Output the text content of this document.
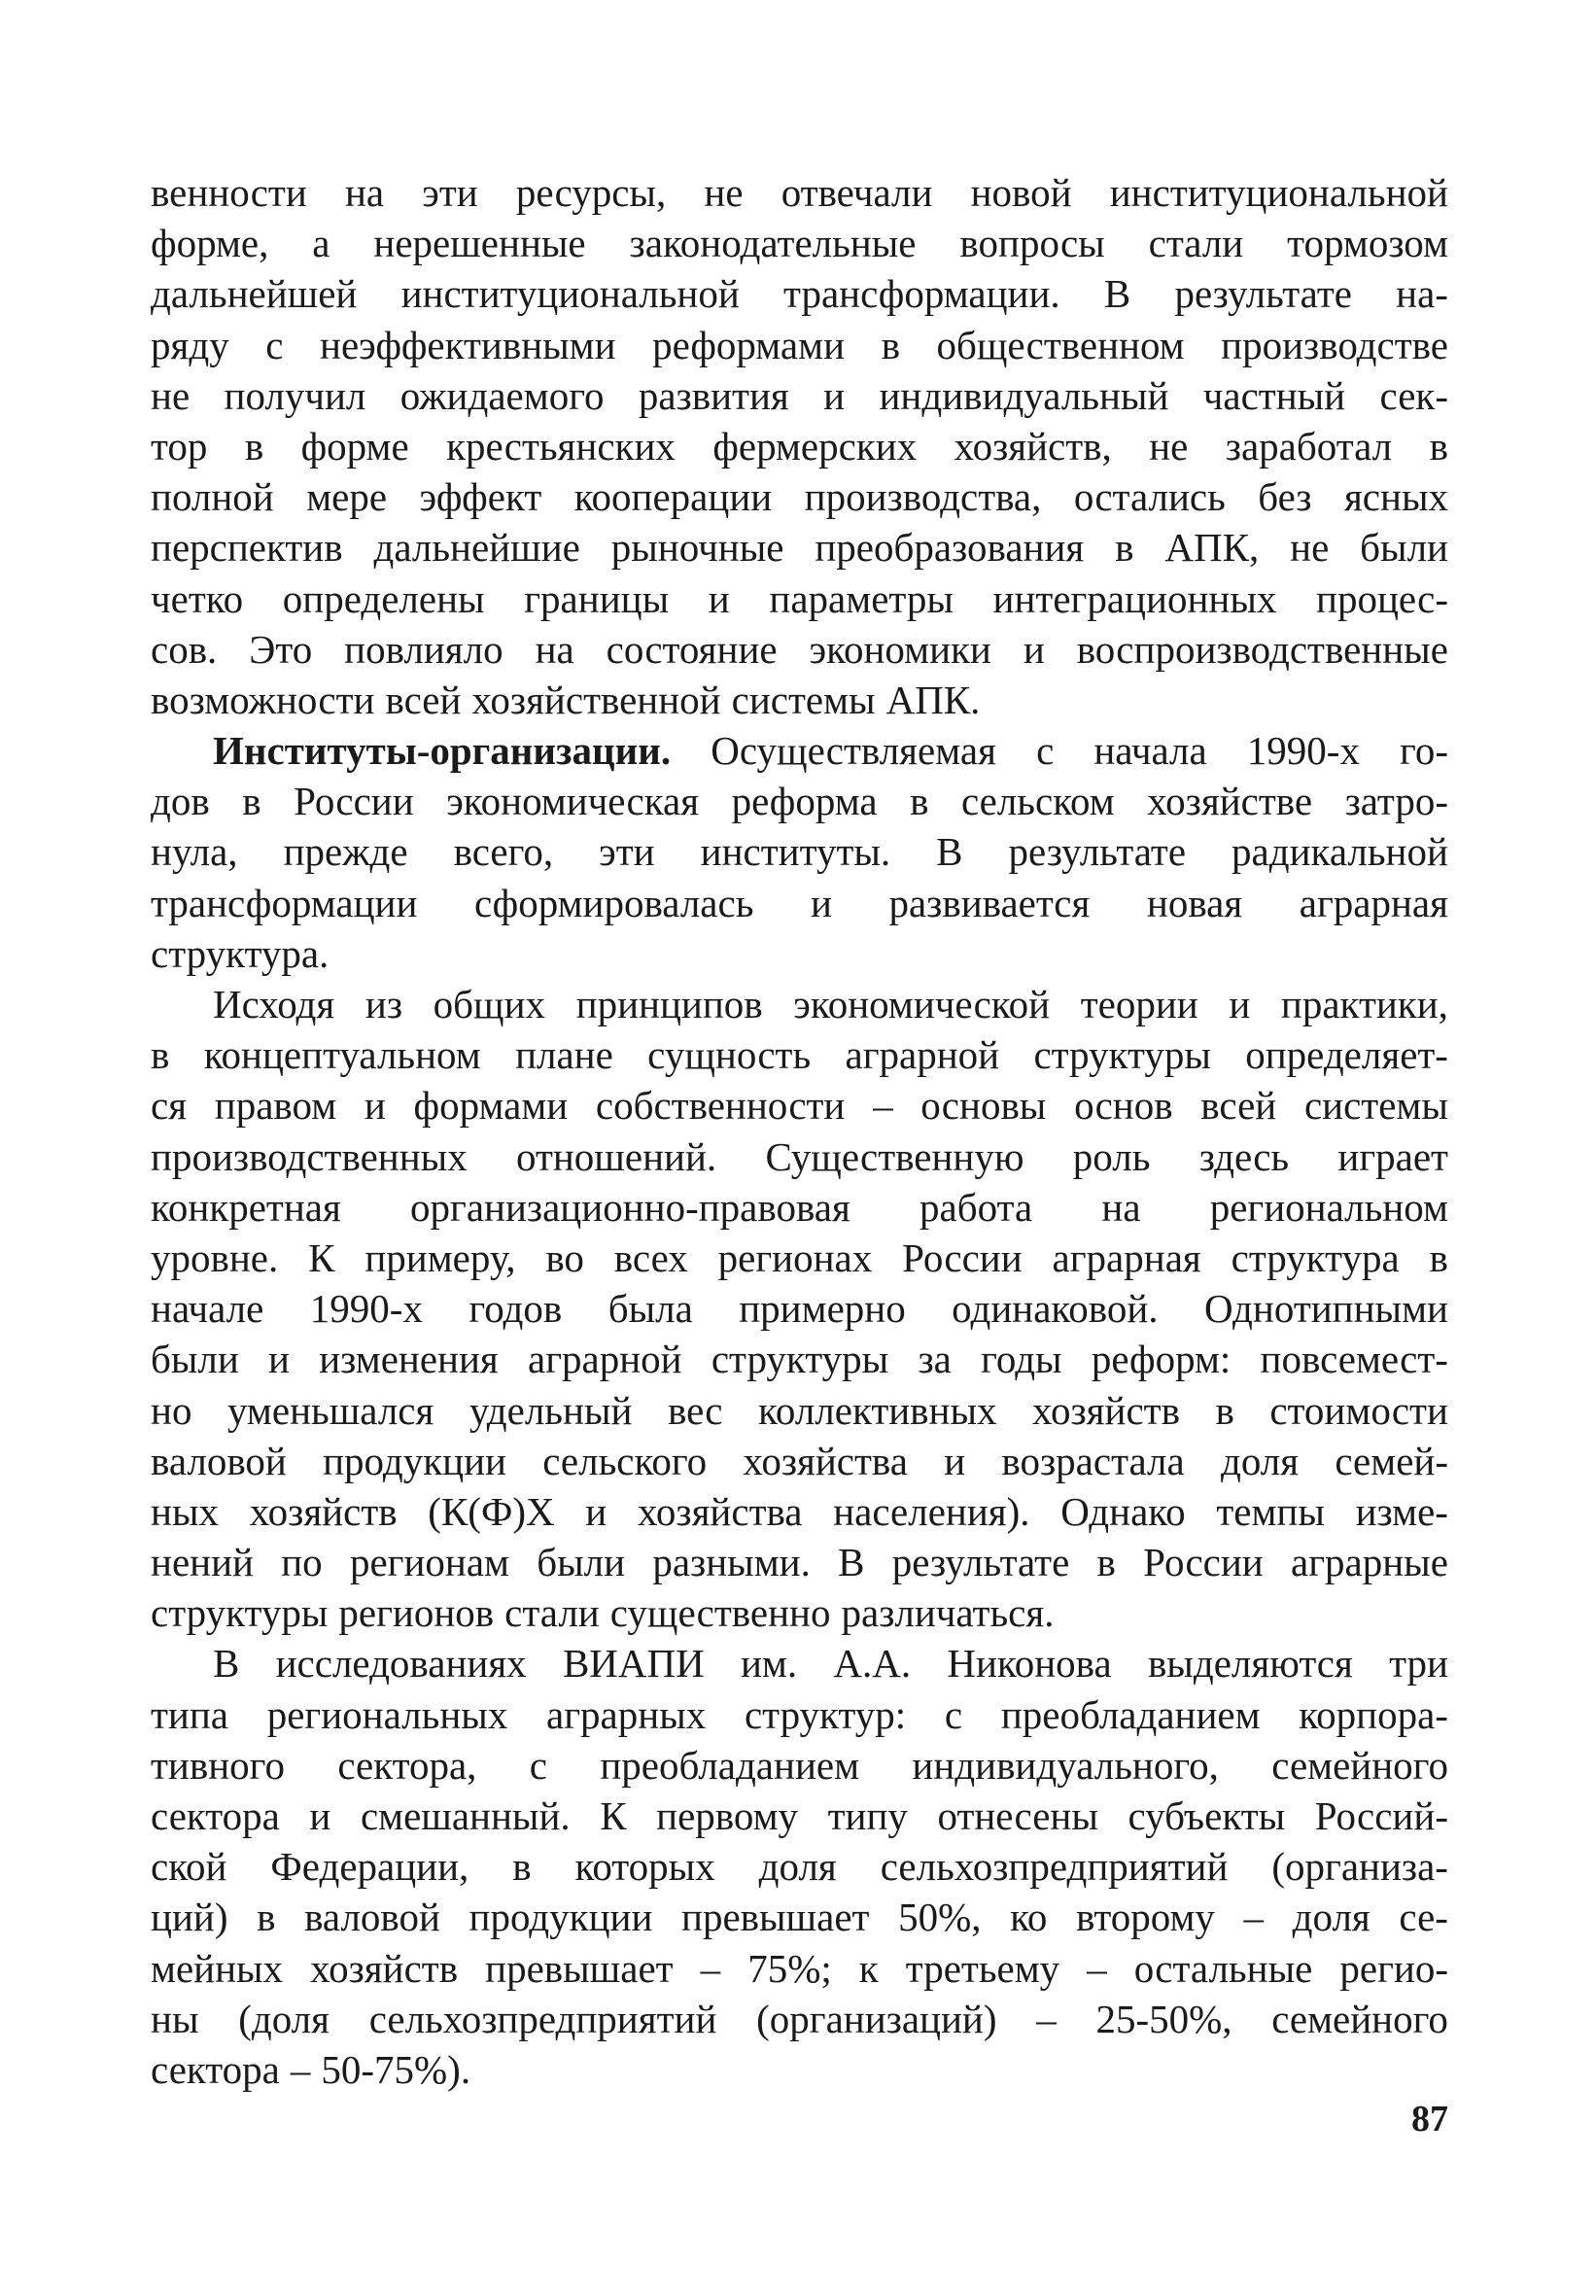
венности на эти ресурсы, не отвечали новой институциональной
форме, а нерешенные законодательные вопросы стали тормозом
дальнейшей институциональной трансформации. В результате на-
ряду с неэффективными реформами в общественном производстве
не получил ожидаемого развития и индивидуальный частный сек-
тор в форме крестьянских фермерских хозяйств, не заработал в
полной мере эффект кооперации производства, остались без ясных
перспектив дальнейшие рыночные преобразования в АПК, не были
четко определены границы и параметры интеграционных процес-
сов. Это повлияло на состояние экономики и воспроизводственные
возможности всей хозяйственной системы АПК.
Институты-организации. Осуществляемая с начала 1990-х го-
дов в России экономическая реформа в сельском хозяйстве затро-
нула, прежде всего, эти институты. В результате радикальной
трансформации сформировалась и развивается новая аграрная
структура.
Исходя из общих принципов экономической теории и практики,
в концептуальном плане сущность аграрной структуры определяет-
ся правом и формами собственности – основы основ всей системы
производственных отношений. Существенную роль здесь играет
конкретная организационно-правовая работа на региональном
уровне. К примеру, во всех регионах России аграрная структура в
начале 1990-х годов была примерно одинаковой. Однотипными
были и изменения аграрной структуры за годы реформ: повсемест-
но уменьшался удельный вес коллективных хозяйств в стоимости
валовой продукции сельского хозяйства и возрастала доля семей-
ных хозяйств (К(Ф)Х и хозяйства населения). Однако темпы изме-
нений по регионам были разными. В результате в России аграрные
структуры регионов стали существенно различаться.
В исследованиях ВИАПИ им. А.А. Никонова выделяются три
типа региональных аграрных структур: с преобладанием корпора-
тивного сектора, с преобладанием индивидуального, семейного
сектора и смешанный. К первому типу отнесены субъекты Россий-
ской Федерации, в которых доля сельхозпредприятий (организа-
ций) в валовой продукции превышает 50%, ко второму – доля се-
мейных хозяйств превышает – 75%; к третьему – остальные регио-
ны (доля сельхозпредприятий (организаций) – 25-50%, семейного
сектора – 50-75%).
87
